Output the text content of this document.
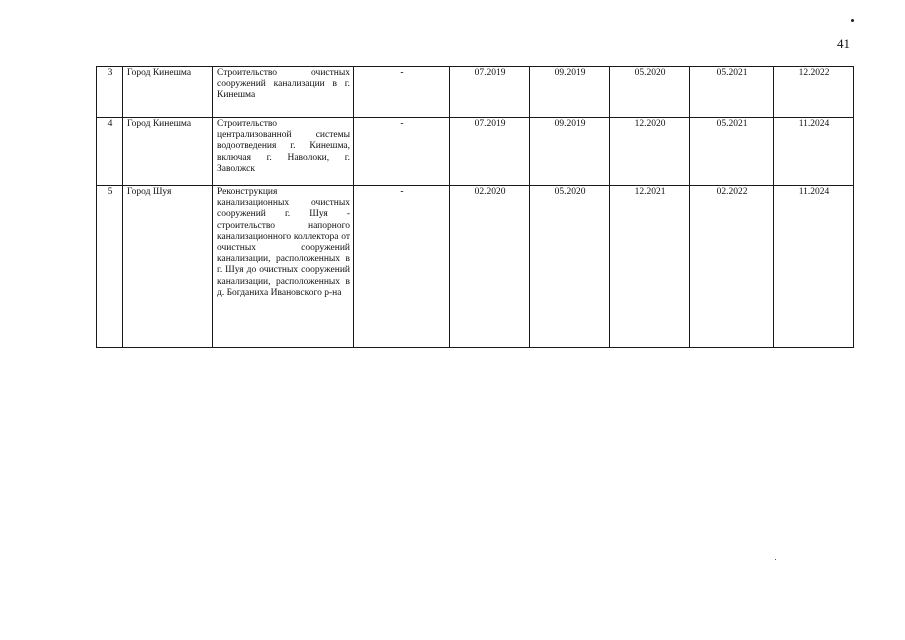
41
3	Город Кинешма	Строительство очистных сооружений канализации в г. Кинешма	-	07.2019	09.2019	05.2020	05.2021	12.2022
4	Город Кинешма	Строительство централизованной системы водоотведения г. Кинешма, включая г. Наволоки, г. Заволжск	-	07.2019	09.2019	12.2020	05.2021	11.2024
5	Город Шуя	Реконструкция канализационных очистных сооружений г. Шуя - строительство напорного канализационного коллектора от очистных сооружений канализации, расположенных в г. Шуя до очистных сооружений канализации, расположенных в д. Богданиха Ивановского р-на	-	02.2020	05.2020	12.2021	02.2022	11.2024
